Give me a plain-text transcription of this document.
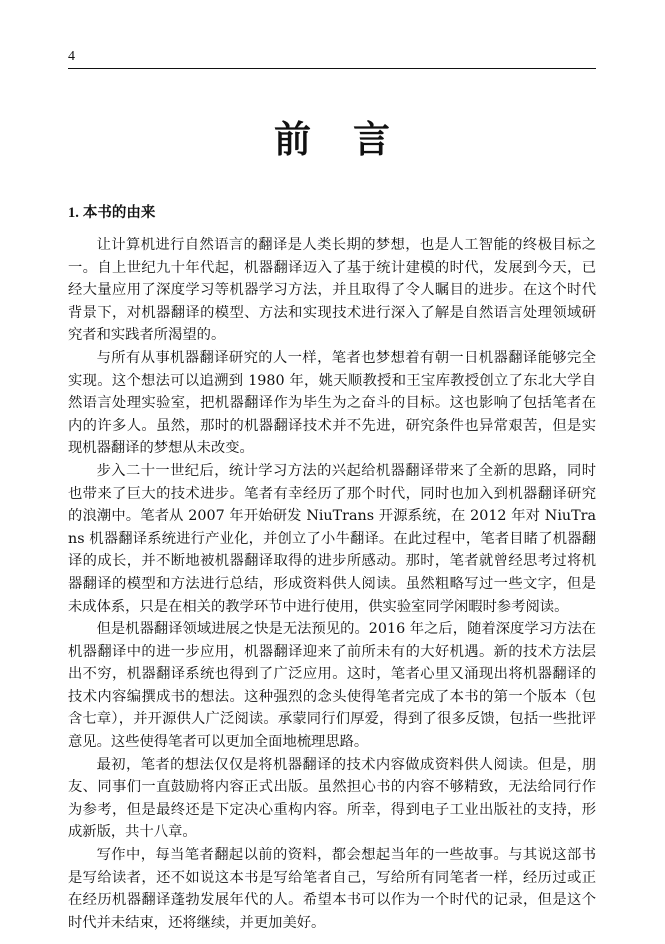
4
前言
1. 本书的由来

让计算机进行自然语言的翻译是人类长期的梦想，也是人工智能的终极目标之一。自上世纪九十年代起，机器翻译迈入了基于统计建模的时代，发展到今天，已经大量应用了深度学习等机器学习方法，并且取得了令人瞩目的进步。在这个时代背景下，对机器翻译的模型、方法和实现技术进行深入了解是自然语言处理领域研究者和实践者所渴望的。

与所有从事机器翻译研究的人一样，笔者也梦想着有朝一日机器翻译能够完全实现。这个想法可以追溯到 1980 年，姚天顺教授和王宝库教授创立了东北大学自然语言处理实验室，把机器翻译作为毕生为之奋斗的目标。这也影响了包括笔者在内的许多人。虽然，那时的机器翻译技术并不先进，研究条件也异常艰苦，但是实现机器翻译的梦想从未改变。

步入二十一世纪后，统计学习方法的兴起给机器翻译带来了全新的思路，同时也带来了巨大的技术进步。笔者有幸经历了那个时代，同时也加入到机器翻译研究的浪潮中。笔者从 2007 年开始研发 NiuTrans 开源系统，在 2012 年对 NiuTrans 机器翻译系统进行产业化，并创立了小牛翻译。在此过程中，笔者目睹了机器翻译的成长，并不断地被机器翻译取得的进步所感动。那时，笔者就曾经思考过将机器翻译的模型和方法进行总结，形成资料供人阅读。虽然粗略写过一些文字，但是未成体系，只是在相关的教学环节中进行使用，供实验室同学闲暇时参考阅读。

但是机器翻译领域进展之快是无法预见的。2016 年之后，随着深度学习方法在机器翻译中的进一步应用，机器翻译迎来了前所未有的大好机遇。新的技术方法层出不穷，机器翻译系统也得到了广泛应用。这时，笔者心里又涌现出将机器翻译的技术内容编撰成书的想法。这种强烈的念头使得笔者完成了本书的第一个版本（包含七章），并开源供人广泛阅读。承蒙同行们厚爱，得到了很多反馈，包括一些批评意见。这些使得笔者可以更加全面地梳理思路。

最初，笔者的想法仅仅是将机器翻译的技术内容做成资料供人阅读。但是，朋友、同事们一直鼓励将内容正式出版。虽然担心书的内容不够精致，无法给同行作为参考，但是最终还是下定决心重构内容。所幸，得到电子工业出版社的支持，形成新版，共十八章。

写作中，每当笔者翻起以前的资料，都会想起当年的一些故事。与其说这部书是写给读者，还不如说这本书是写给笔者自己，写给所有同笔者一样，经历过或正在经历机器翻译蓬勃发展年代的人。希望本书可以作为一个时代的记录，但是这个时代并未结束，还将继续，并更加美好。
